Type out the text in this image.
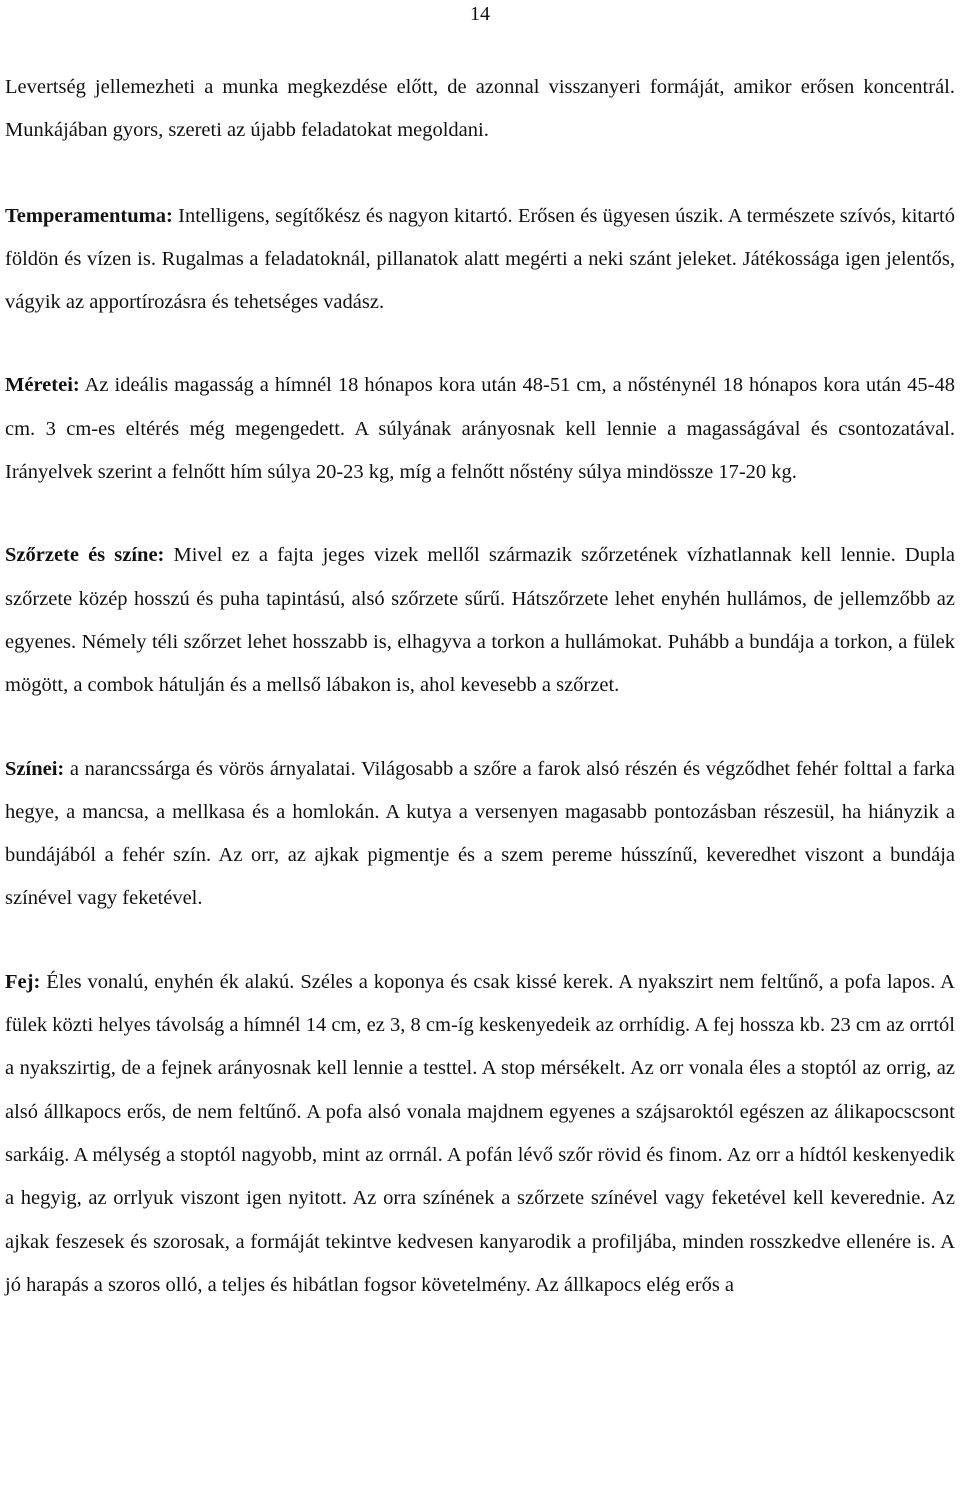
14

Levertség jellemezheti a munka megkezdése előtt, de azonnal visszanyeri formáját, amikor erősen koncentrál. Munkájában gyors, szereti az újabb feladatokat megoldani.

Temperamentuma: Intelligens, segítőkész és nagyon kitartó. Erősen és ügyesen úszik. A természete szívós, kitartó földön és vízen is. Rugalmas a feladatoknál, pillanatok alatt megérti a neki szánt jeleket. Játékossága igen jelentős, vágyik az apportírozásra és tehetséges vadász.

Méretei: Az ideális magasság a hímnél 18 hónapos kora után 48-51 cm, a nősténynél 18 hónapos kora után 45-48 cm. 3 cm-es eltérés még megengedett. A súlyának arányosnak kell lennie a magasságával és csontozatával. Irányelvek szerint a felnőtt hím súlya 20-23 kg, míg a felnőtt nőstény súlya mindössze 17-20 kg.

Szőrzete és színe: Mivel ez a fajta jeges vizek mellől származik szőrzetének vízhatlannak kell lennie. Dupla szőrzete közép hosszú és puha tapintású, alsó szőrzete sűrű. Hátszőrzete lehet enyhén hullámos, de jellemzőbb az egyenes. Némely téli szőrzet lehet hosszabb is, elhagyva a torkon a hullámokat. Puhább a bundája a torkon, a fülek mögött, a combok hátulján és a mellső lábakon is, ahol kevesebb a szőrzet.

Színei: a narancssárga és vörös árnyalatai. Világosabb a szőre a farok alsó részén és végződhet fehér folttal a farka hegye, a mancsa, a mellkasa és a homlokán. A kutya a versenyen magasabb pontozásban részesül, ha hiányzik a bundájából a fehér szín. Az orr, az ajkak pigmentje és a szem pereme hússzínű, keveredhet viszont a bundája színével vagy feketével.

Fej: Éles vonalú, enyhén ék alakú. Széles a koponya és csak kissé kerek. A nyakszirt nem feltűnő, a pofa lapos. A fülek közti helyes távolság a hímnél 14 cm, ez 3, 8 cm-íg keskenyedeik az orrhídig. A fej hossza kb. 23 cm az orrtól a nyakszirtig, de a fejnek arányosnak kell lennie a testtel. A stop mérsékelt. Az orr vonala éles a stoptól az orrig, az alsó állkapocs erős, de nem feltűnő. A pofa alsó vonala majdnem egyenes a szájsaroktól egészen az álikapocscsont sarkáig. A mélység a stoptól nagyobb, mint az orrnál. A pofán lévő szőr rövid és finom. Az orr a hídtól keskenyedik a hegyig, az orrlyuk viszont igen nyitott. Az orra színének a szőrzete színével vagy feketével kell keverednie. Az ajkak feszesek és szorosak, a formáját tekintve kedvesen kanyarodik a profiljába, minden rosszkedve ellenére is. A jó harapás a szoros olló, a teljes és hibátlan fogsor követelmény. Az állkapocs elég erős a
